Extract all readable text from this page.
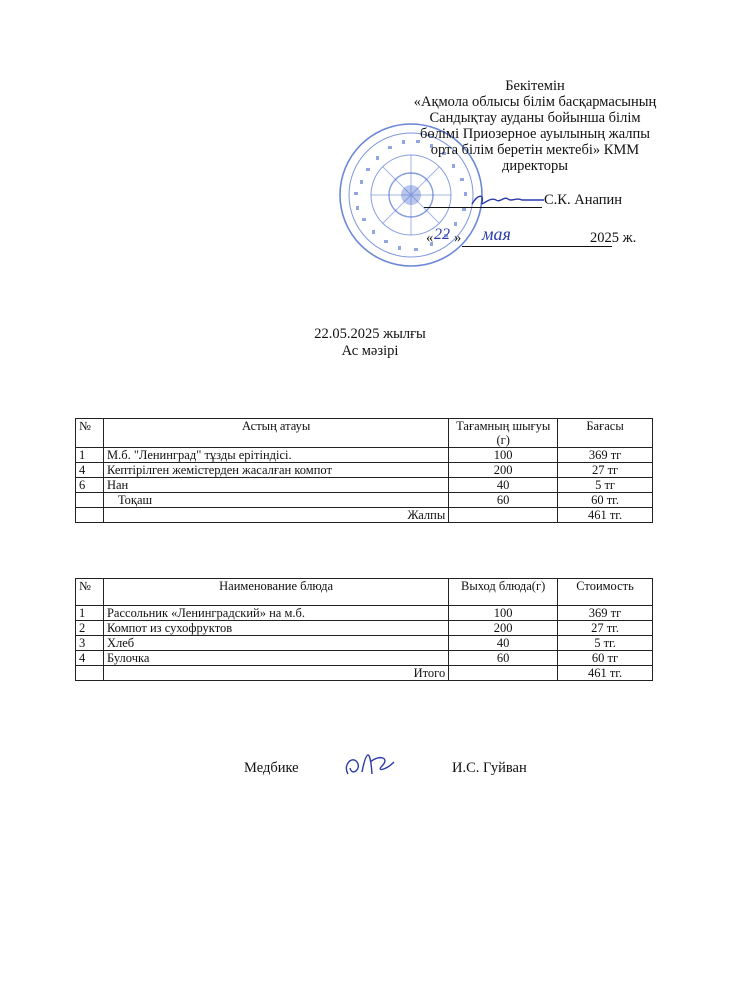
Бекітемін
«Ақмола облысы білім басқармасының
Сандықтау ауданы бойынша білім
бөлімі Приозерное ауылының жалпы
орта білім беретін мектебі» КММ
директоры
С.К. Анапин
« 22 » мая	2025 ж.
22.05.2025 жылғы
Ас мәзірі
№	Астың атауы	Тағамның шығуы (г)	Бағасы
1	М.б. "Ленинград" тұзды ерітіндісі.	100	369 тг
4	Кептірілген жемістерден жасалған компот	200	27 тг
6	Нан	40	5 тг
	Тоқаш	60	60 тг.
	Жалпы		461 тг.
№	Наименование блюда	Выход блюда(г)	Стоимость
1	Рассольник «Ленинградский» на м.б.	100	369 тг
2	Компот из сухофруктов	200	27 тг.
3	Хлеб	40	5 тг.
4	Булочка	60	60 тг
	Итого		461 тг.
Медбике	И.С. Гуйван
